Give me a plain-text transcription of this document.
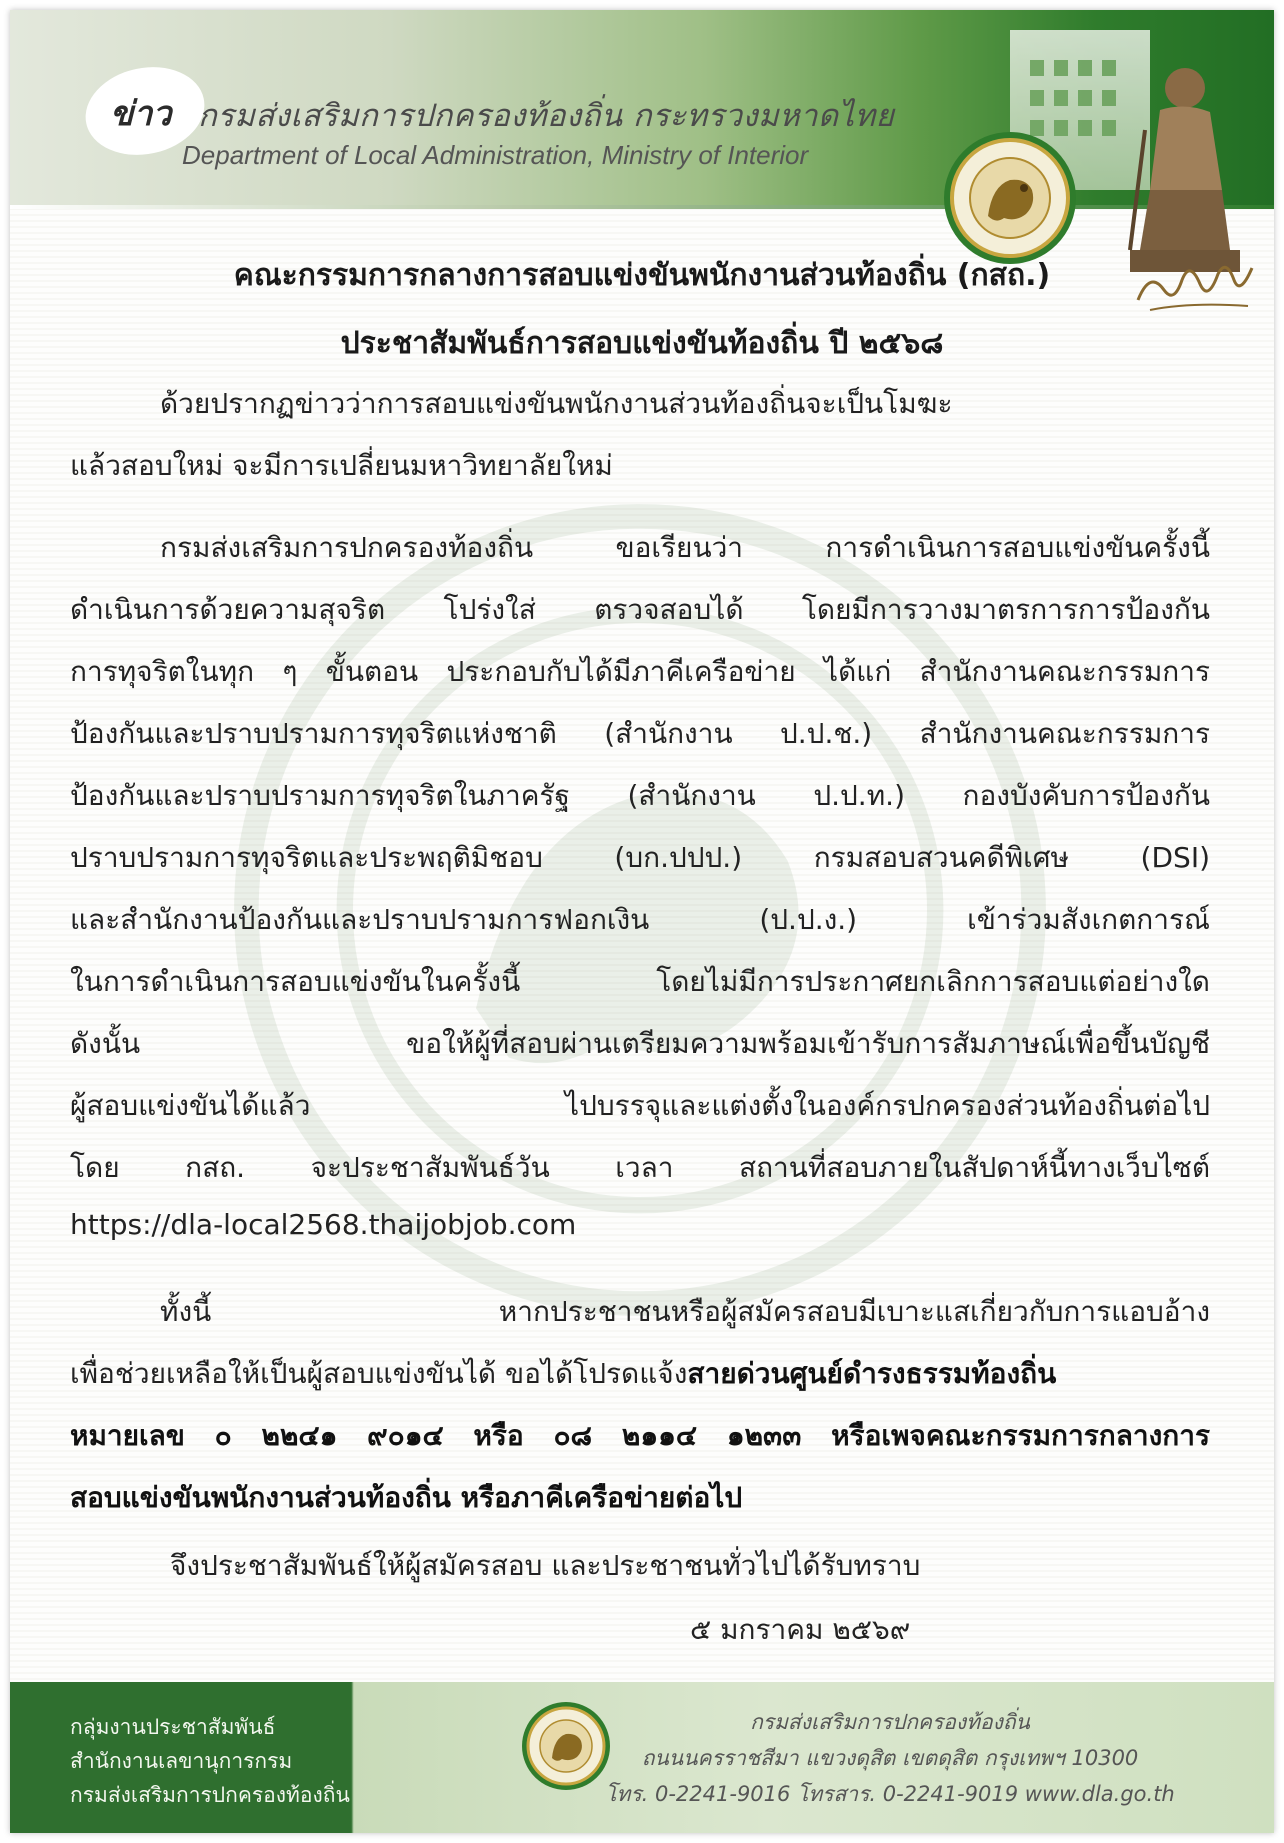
ข่าว กรมส่งเสริมการปกครองท้องถิ่น กระทรวงมหาดไทย
Department of Local Administration, Ministry of Interior
คณะกรรมการกลางการสอบแข่งขันพนักงานส่วนท้องถิ่น (กสถ.)
ประชาสัมพันธ์การสอบแข่งขันท้องถิ่น ปี ๒๕๖๘
ด้วยปรากฏข่าวว่าการสอบแข่งขันพนักงานส่วนท้องถิ่นจะเป็นโมฆะ
แล้วสอบใหม่ จะมีการเปลี่ยนมหาวิทยาลัยใหม่
กรมส่งเสริมการปกครองท้องถิ่น ขอเรียนว่า การดำเนินการสอบแข่งขันครั้งนี้
ดำเนินการด้วยความสุจริต โปร่งใส่ ตรวจสอบได้ โดยมีการวางมาตรการการป้องกัน
การทุจริตในทุก ๆ ขั้นตอน ประกอบกับได้มีภาคีเครือข่าย ได้แก่ สำนักงานคณะกรรมการ
ป้องกันและปราบปรามการทุจริตแห่งชาติ (สำนักงาน ป.ป.ช.) สำนักงานคณะกรรมการ
ป้องกันและปราบปรามการทุจริตในภาครัฐ (สำนักงาน ป.ป.ท.) กองบังคับการป้องกัน
ปราบปรามการทุจริตและประพฤติมิชอบ (บก.ปปป.) กรมสอบสวนคดีพิเศษ (DSI)
และสำนักงานป้องกันและปราบปรามการฟอกเงิน (ป.ป.ง.) เข้าร่วมสังเกตการณ์
ในการดำเนินการสอบแข่งขันในครั้งนี้ โดยไม่มีการประกาศยกเลิกการสอบแต่อย่างใด
ดังนั้น ขอให้ผู้ที่สอบผ่านเตรียมความพร้อมเข้ารับการสัมภาษณ์เพื่อขึ้นบัญชี
ผู้สอบแข่งขันได้แล้ว ไปบรรจุและแต่งตั้งในองค์กรปกครองส่วนท้องถิ่นต่อไป
โดย กสถ. จะประชาสัมพันธ์วัน เวลา สถานที่สอบภายในสัปดาห์นี้ทางเว็บไซต์
https://dla-local2568.thaijobjob.com
ทั้งนี้ หากประชาชนหรือผู้สมัครสอบมีเบาะแสเกี่ยวกับการแอบอ้าง
เพื่อช่วยเหลือให้เป็นผู้สอบแข่งขันได้ ขอได้โปรดแจ้งสายด่วนศูนย์ดำรงธรรมท้องถิ่น
หมายเลข ๐ ๒๒๔๑ ๙๐๑๔ หรือ ๐๘ ๒๑๑๔ ๑๒๓๓ หรือเพจคณะกรรมการกลางการ
สอบแข่งขันพนักงานส่วนท้องถิ่น หรือภาคีเครือข่ายต่อไป
จึงประชาสัมพันธ์ให้ผู้สมัครสอบ และประชาชนทั่วไปได้รับทราบ
๕ มกราคม ๒๕๖๙
กลุ่มงานประชาสัมพันธ์
สำนักงานเลขานุการกรม
กรมส่งเสริมการปกครองท้องถิ่น
กรมส่งเสริมการปกครองท้องถิ่น
ถนนนครราชสีมา แขวงดุสิต เขตดุสิต กรุงเทพฯ 10300
โทร. 0-2241-9016 โทรสาร. 0-2241-9019 www.dla.go.th
